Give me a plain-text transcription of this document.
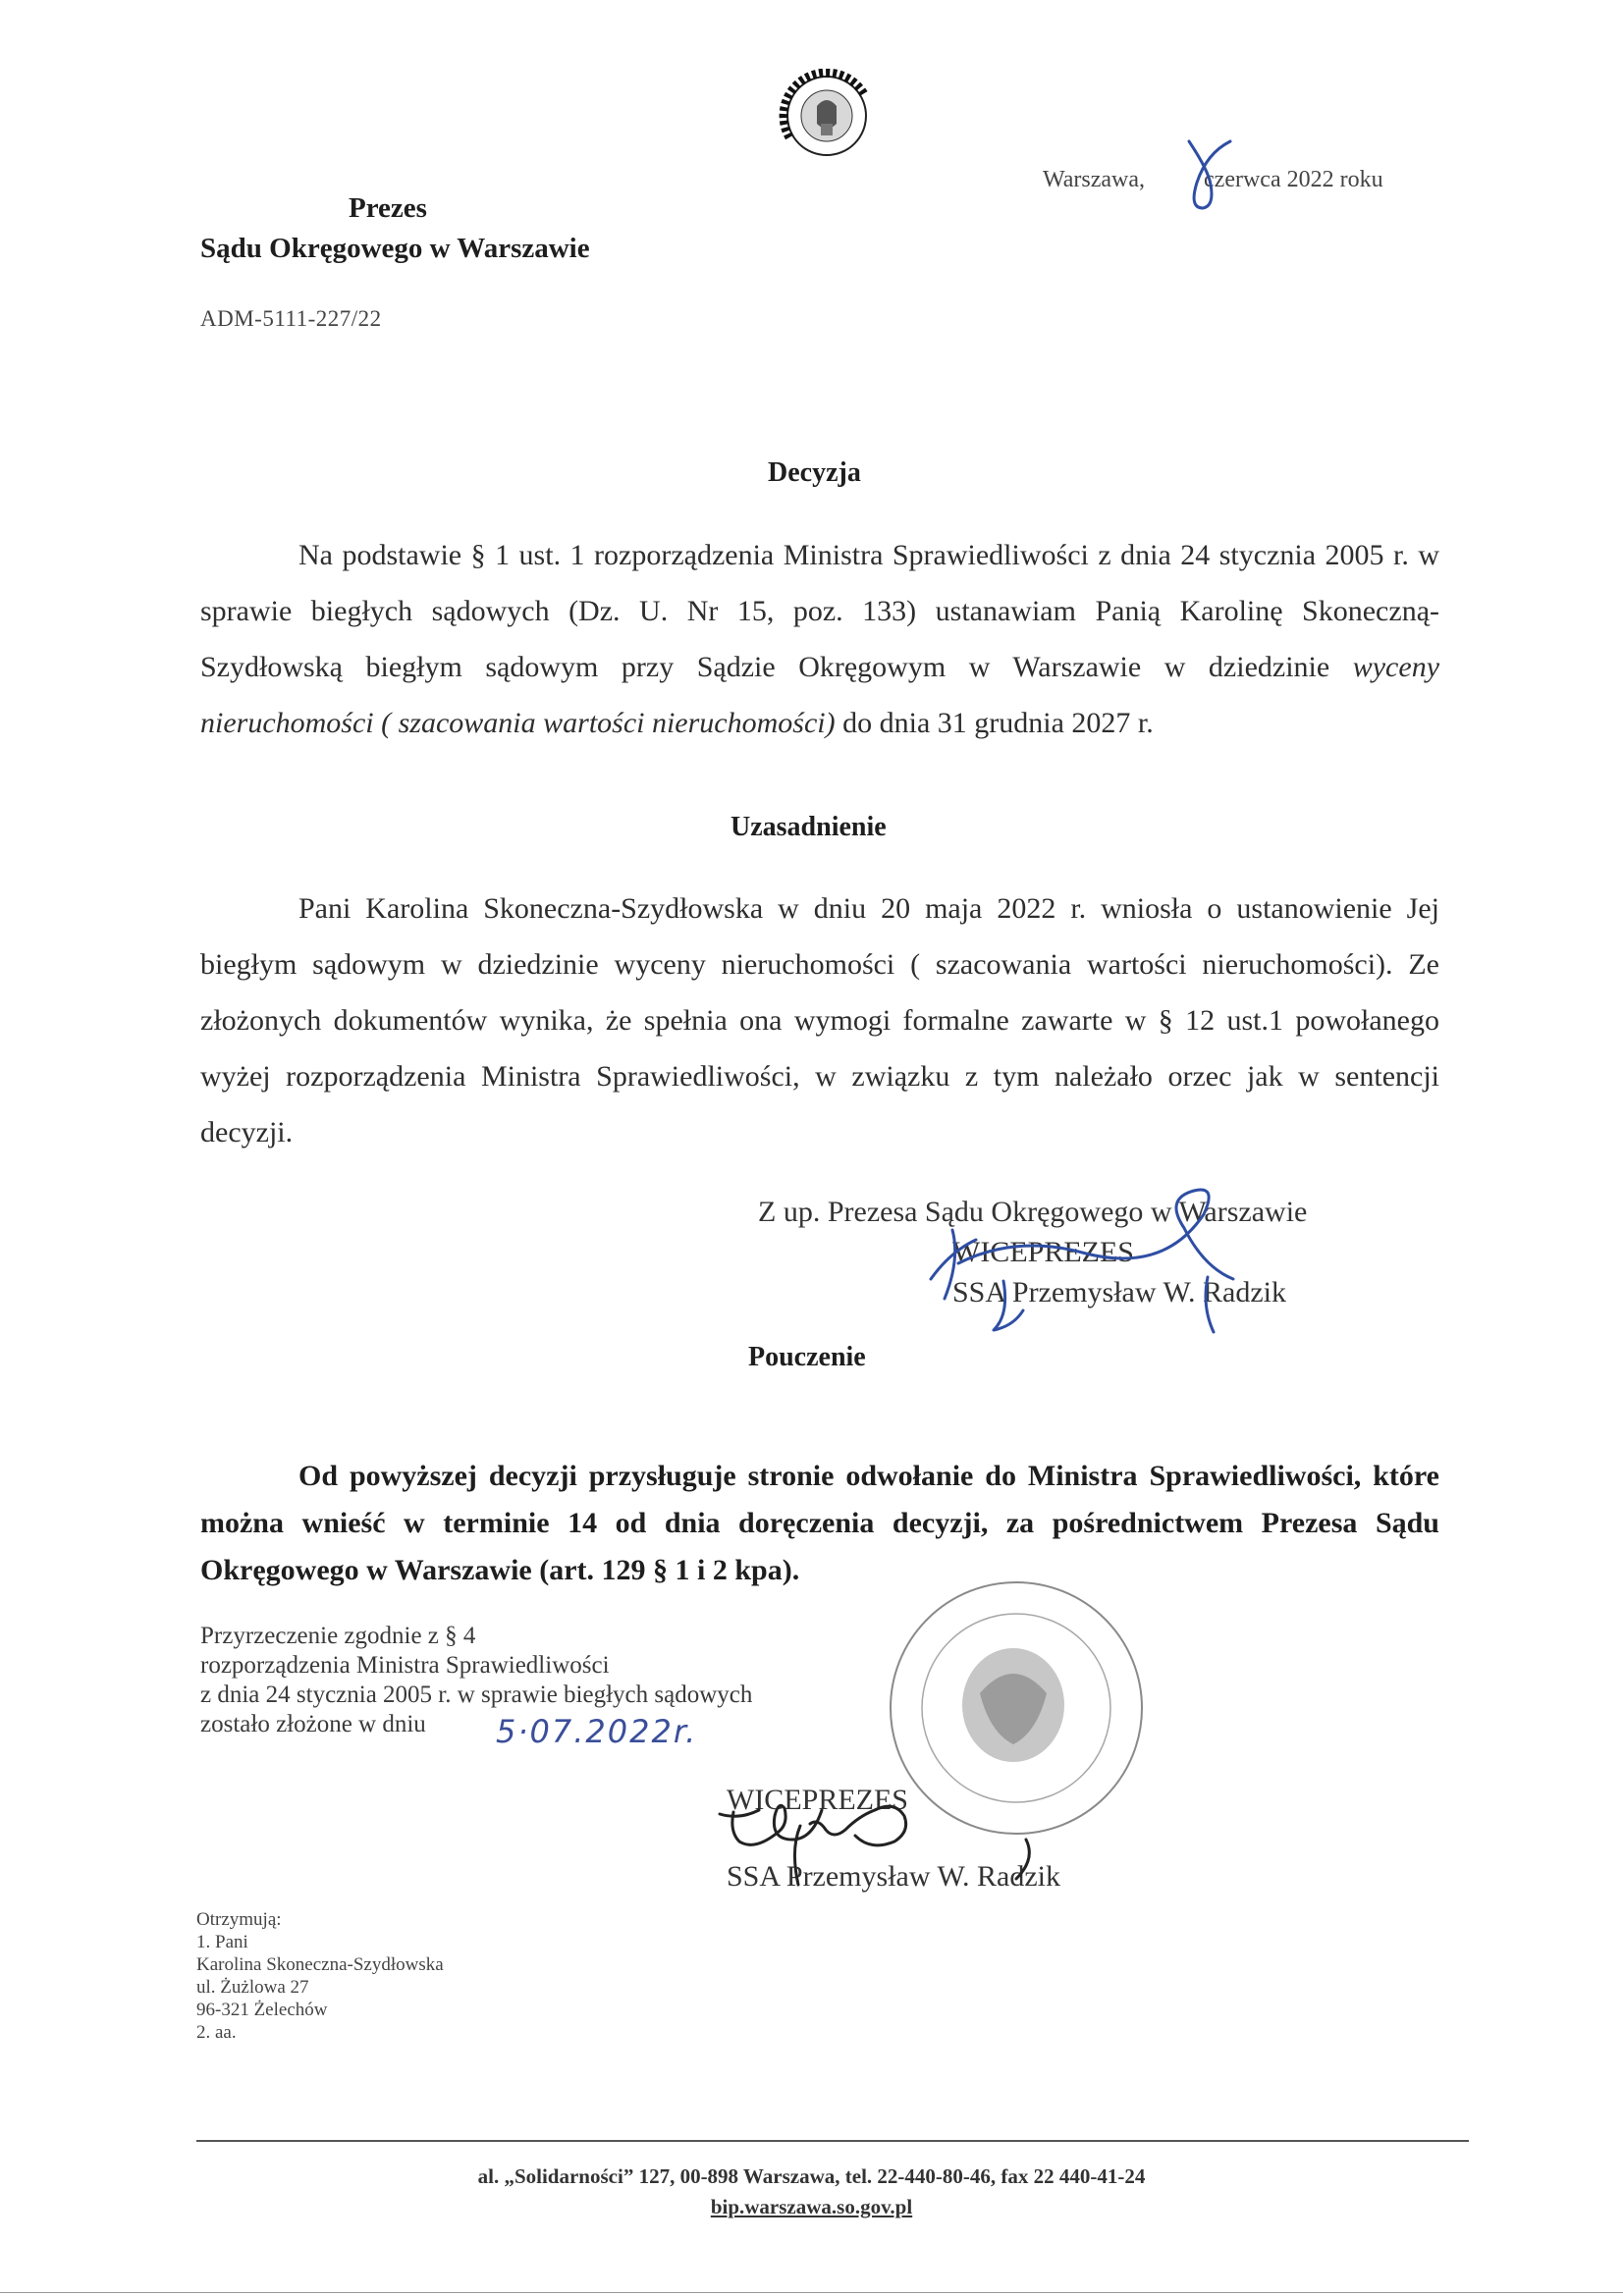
Prezes
Sądu Okręgowego w Warszawie
ADM-5111-227/22
Warszawa,	czerwca 2022 roku
Decyzja
Na podstawie § 1 ust. 1 rozporządzenia Ministra Sprawiedliwości z dnia 24 stycznia 2005 r. w sprawie biegłych sądowych (Dz. U. Nr 15, poz. 133) ustanawiam Panią Karolinę Skoneczną-Szydłowską biegłym sądowym przy Sądzie Okręgowym w Warszawie w dziedzinie wyceny nieruchomości ( szacowania wartości nieruchomości) do dnia 31 grudnia 2027 r.
Uzasadnienie
Pani Karolina Skoneczna-Szydłowska w dniu 20 maja 2022 r. wniosła o ustanowienie Jej biegłym sądowym w dziedzinie wyceny nieruchomości ( szacowania wartości nieruchomości). Ze złożonych dokumentów wynika, że spełnia ona wymogi formalne zawarte w § 12 ust.1 powołanego wyżej rozporządzenia Ministra Sprawiedliwości, w związku z tym należało orzec jak w sentencji decyzji.
Z up. Prezesa Sądu Okręgowego w Warszawie
WICEPREZES
SSA Przemysław W. Radzik
Pouczenie
Od powyższej decyzji przysługuje stronie odwołanie do Ministra Sprawiedliwości, które można wnieść w terminie 14 od dnia doręczenia decyzji, za pośrednictwem Prezesa Sądu Okręgowego w Warszawie (art. 129 § 1 i 2 kpa).
Przyrzeczenie zgodnie z § 4
rozporządzenia Ministra Sprawiedliwości
z dnia 24 stycznia 2005 r. w sprawie biegłych sądowych
zostało złożone w dniu	5·07.2022r.
WICEPREZES
SSA Przemysław W. Radzik
Otrzymują:
1. Pani
Karolina Skoneczna-Szydłowska
ul. Żużlowa 27
96-321 Żelechów
2. aa.
al. „Solidarności” 127, 00-898 Warszawa, tel. 22-440-80-46, fax 22 440-41-24
bip.warszawa.so.gov.pl
